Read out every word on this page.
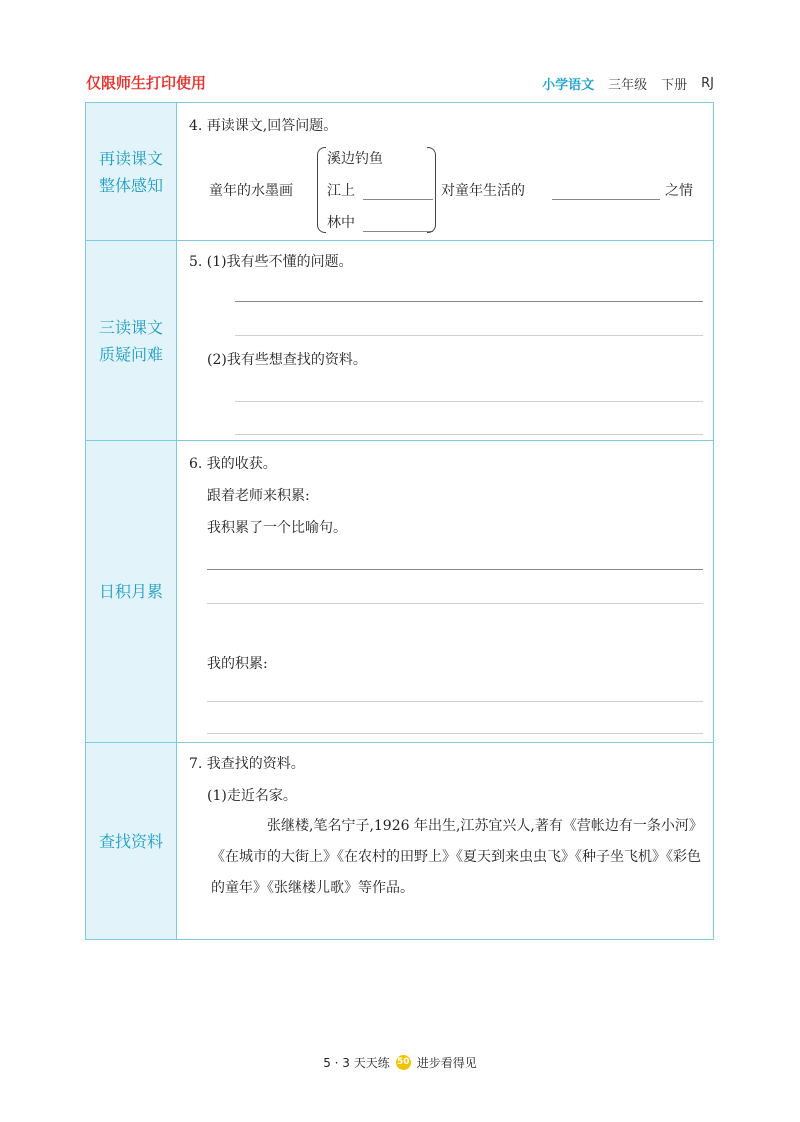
仅限师生打印使用	小学语文 三年级 下册 RJ
再读课文
整体感知
4. 再读课文,回答问题。
童年的水墨画
溪边钓鱼
江上
林中
对童年生活的	之情
三读课文
质疑问难
5. (1)我有些不懂的问题。
(2)我有些想查找的资料。
日积月累
6. 我的收获。
跟着老师来积累:
我积累了一个比喻句。
我的积累:
查找资料
7. 我查找的资料。
(1)走近名家。
张继楼,笔名宁子,1926 年出生,江苏宜兴人,著有《营帐边有一条小河》《在城市的大街上》《在农村的田野上》《夏天到来虫虫飞》《种子坐飞机》《彩色的童年》《张继楼儿歌》等作品。
5 · 3 天天练 50 进步看得见
